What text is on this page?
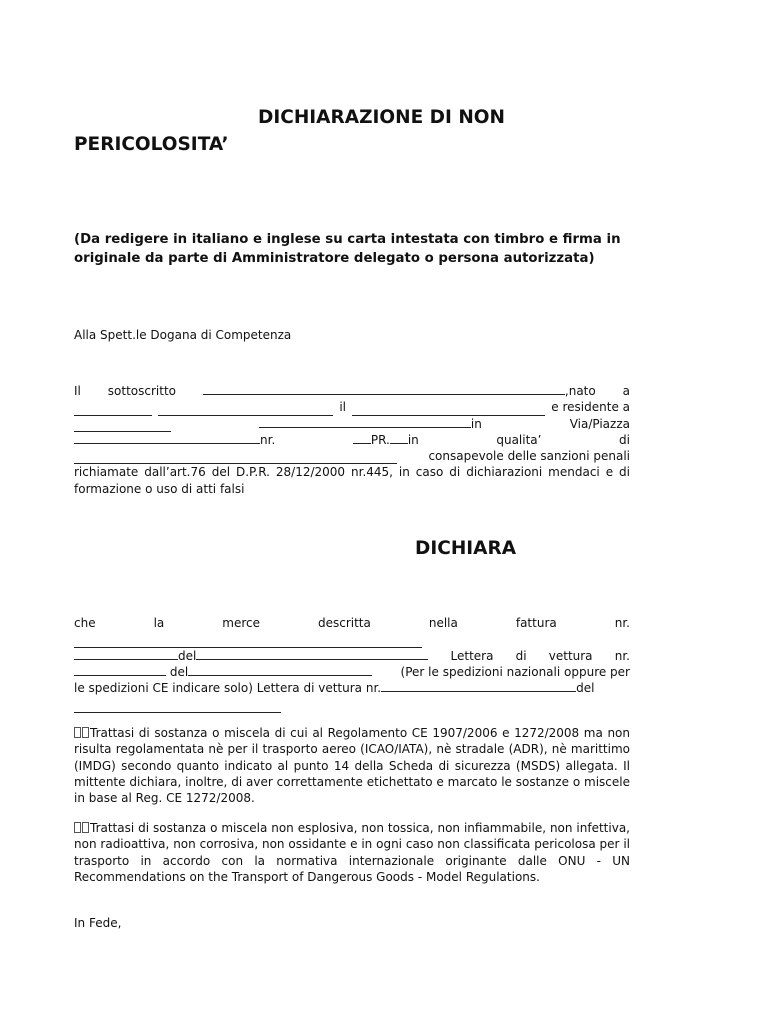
DICHIARAZIONE DI NON
PERICOLOSITA’

(Da redigere in italiano e inglese su carta intestata con timbro e firma in originale da parte di Amministratore delegato o persona autorizzata)

Alla Spett.le Dogana di Competenza

Il sottoscritto	,nato a
il	e residente a
in	Via/Piazza
nr.	PR. in	qualita’	di
consapevole delle sanzioni penali

richiamate dall’art.76 del D.P.R. 28/12/2000 nr.445, in caso di dichiarazioni mendaci e di formazione o uso di atti falsi

DICHIARA
che	la	merce	descritta	nella	fattura	nr.
del	Lettera di vettura nr.
del	(Per le spedizioni nazionali oppure per
le spedizioni CE indicare solo) Lettera di vettura nr.	del
Trattasi di sostanza o miscela di cui al Regolamento CE 1907/2006 e 1272/2008 ma non risulta regolamentata nè per il trasporto aereo (ICAO/IATA), nè stradale (ADR), nè marittimo (IMDG) secondo quanto indicato al punto 14 della Scheda di sicurezza (MSDS) allegata. Il mittente dichiara, inoltre, di aver correttamente etichettato e marcato le sostanze o miscele in base al Reg. CE 1272/2008.
Trattasi di sostanza o miscela non esplosiva, non tossica, non infiammabile, non infettiva, non radioattiva, non corrosiva, non ossidante e in ogni caso non classificata pericolosa per il trasporto in accordo con la normativa internazionale originante dalle ONU - UN Recommendations on the Transport of Dangerous Goods - Model Regulations.

In Fede,
